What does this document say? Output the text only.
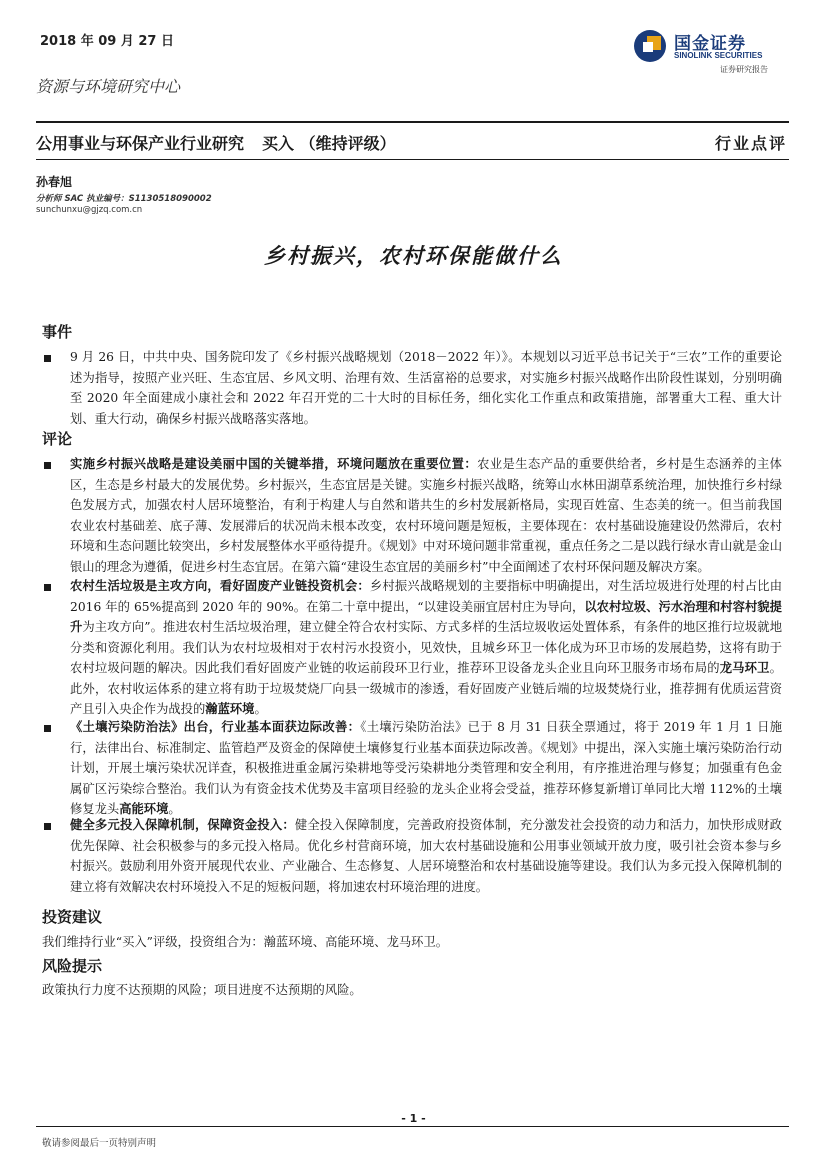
2018 年 09 月 27 日	国金证券
SINOLINK SECURITIES
证券研究报告
资源与环境研究中心
公用事业与环保产业行业研究 买入 （维持评级）	行业点评
孙春旭
分析师 SAC 执业编号：S1130518090002
sunchunxu@gjzq.com.cn
乡村振兴，农村环保能做什么
事件
9 月 26 日，中共中央、国务院印发了《乡村振兴战略规划（2018－2022 年）》。本规划以习近平总书记关于“三农”工作的重要论述为指导，按照产业兴旺、生态宜居、乡风文明、治理有效、生活富裕的总要求，对实施乡村振兴战略作出阶段性谋划，分别明确至 2020 年全面建成小康社会和 2022 年召开党的二十大时的目标任务，细化实化工作重点和政策措施，部署重大工程、重大计划、重大行动，确保乡村振兴战略落实落地。
评论
实施乡村振兴战略是建设美丽中国的关键举措，环境问题放在重要位置：农业是生态产品的重要供给者，乡村是生态涵养的主体区，生态是乡村最大的发展优势。乡村振兴，生态宜居是关键。实施乡村振兴战略，统筹山水林田湖草系统治理，加快推行乡村绿色发展方式，加强农村人居环境整治，有利于构建人与自然和谐共生的乡村发展新格局，实现百姓富、生态美的统一。但当前我国农业农村基础差、底子薄、发展滞后的状况尚未根本改变，农村环境问题是短板，主要体现在：农村基础设施建设仍然滞后，农村环境和生态问题比较突出，乡村发展整体水平亟待提升。《规划》中对环境问题非常重视，重点任务之二是以践行绿水青山就是金山银山的理念为遵循，促进乡村生态宜居。在第六篇“建设生态宜居的美丽乡村”中全面阐述了农村环保问题及解决方案。
农村生活垃圾是主攻方向，看好固废产业链投资机会：乡村振兴战略规划的主要指标中明确提出，对生活垃圾进行处理的村占比由 2016 年的 65%提高到 2020 年的 90%。在第二十章中提出，“以建设美丽宜居村庄为导向，以农村垃圾、污水治理和村容村貌提升为主攻方向”。推进农村生活垃圾治理，建立健全符合农村实际、方式多样的生活垃圾收运处置体系，有条件的地区推行垃圾就地分类和资源化利用。我们认为农村垃圾相对于农村污水投资小，见效快，且城乡环卫一体化成为环卫市场的发展趋势，这将有助于农村垃圾问题的解决。因此我们看好固废产业链的收运前段环卫行业，推荐环卫设备龙头企业且向环卫服务市场布局的龙马环卫。此外，农村收运体系的建立将有助于垃圾焚烧厂向县一级城市的渗透，看好固废产业链后端的垃圾焚烧行业，推荐拥有优质运营资产且引入央企作为战投的瀚蓝环境。
《土壤污染防治法》出台，行业基本面获边际改善：《土壤污染防治法》已于 8 月 31 日获全票通过，将于 2019 年 1 月 1 日施行，法律出台、标准制定、监管趋严及资金的保障使土壤修复行业基本面获边际改善。《规划》中提出，深入实施土壤污染防治行动计划，开展土壤污染状况详查，积极推进重金属污染耕地等受污染耕地分类管理和安全利用，有序推进治理与修复；加强重有色金属矿区污染综合整治。我们认为有资金技术优势及丰富项目经验的龙头企业将会受益，推荐环修复新增订单同比大增 112%的土壤修复龙头高能环境。
健全多元投入保障机制，保障资金投入：健全投入保障制度，完善政府投资体制，充分激发社会投资的动力和活力，加快形成财政优先保障、社会积极参与的多元投入格局。优化乡村营商环境，加大农村基础设施和公用事业领域开放力度，吸引社会资本参与乡村振兴。鼓励利用外资开展现代农业、产业融合、生态修复、人居环境整治和农村基础设施等建设。我们认为多元投入保障机制的建立将有效解决农村环境投入不足的短板问题，将加速农村环境治理的进度。
投资建议
我们维持行业“买入”评级，投资组合为：瀚蓝环境、高能环境、龙马环卫。
风险提示
政策执行力度不达预期的风险；项目进度不达预期的风险。
- 1 -
敬请参阅最后一页特别声明
